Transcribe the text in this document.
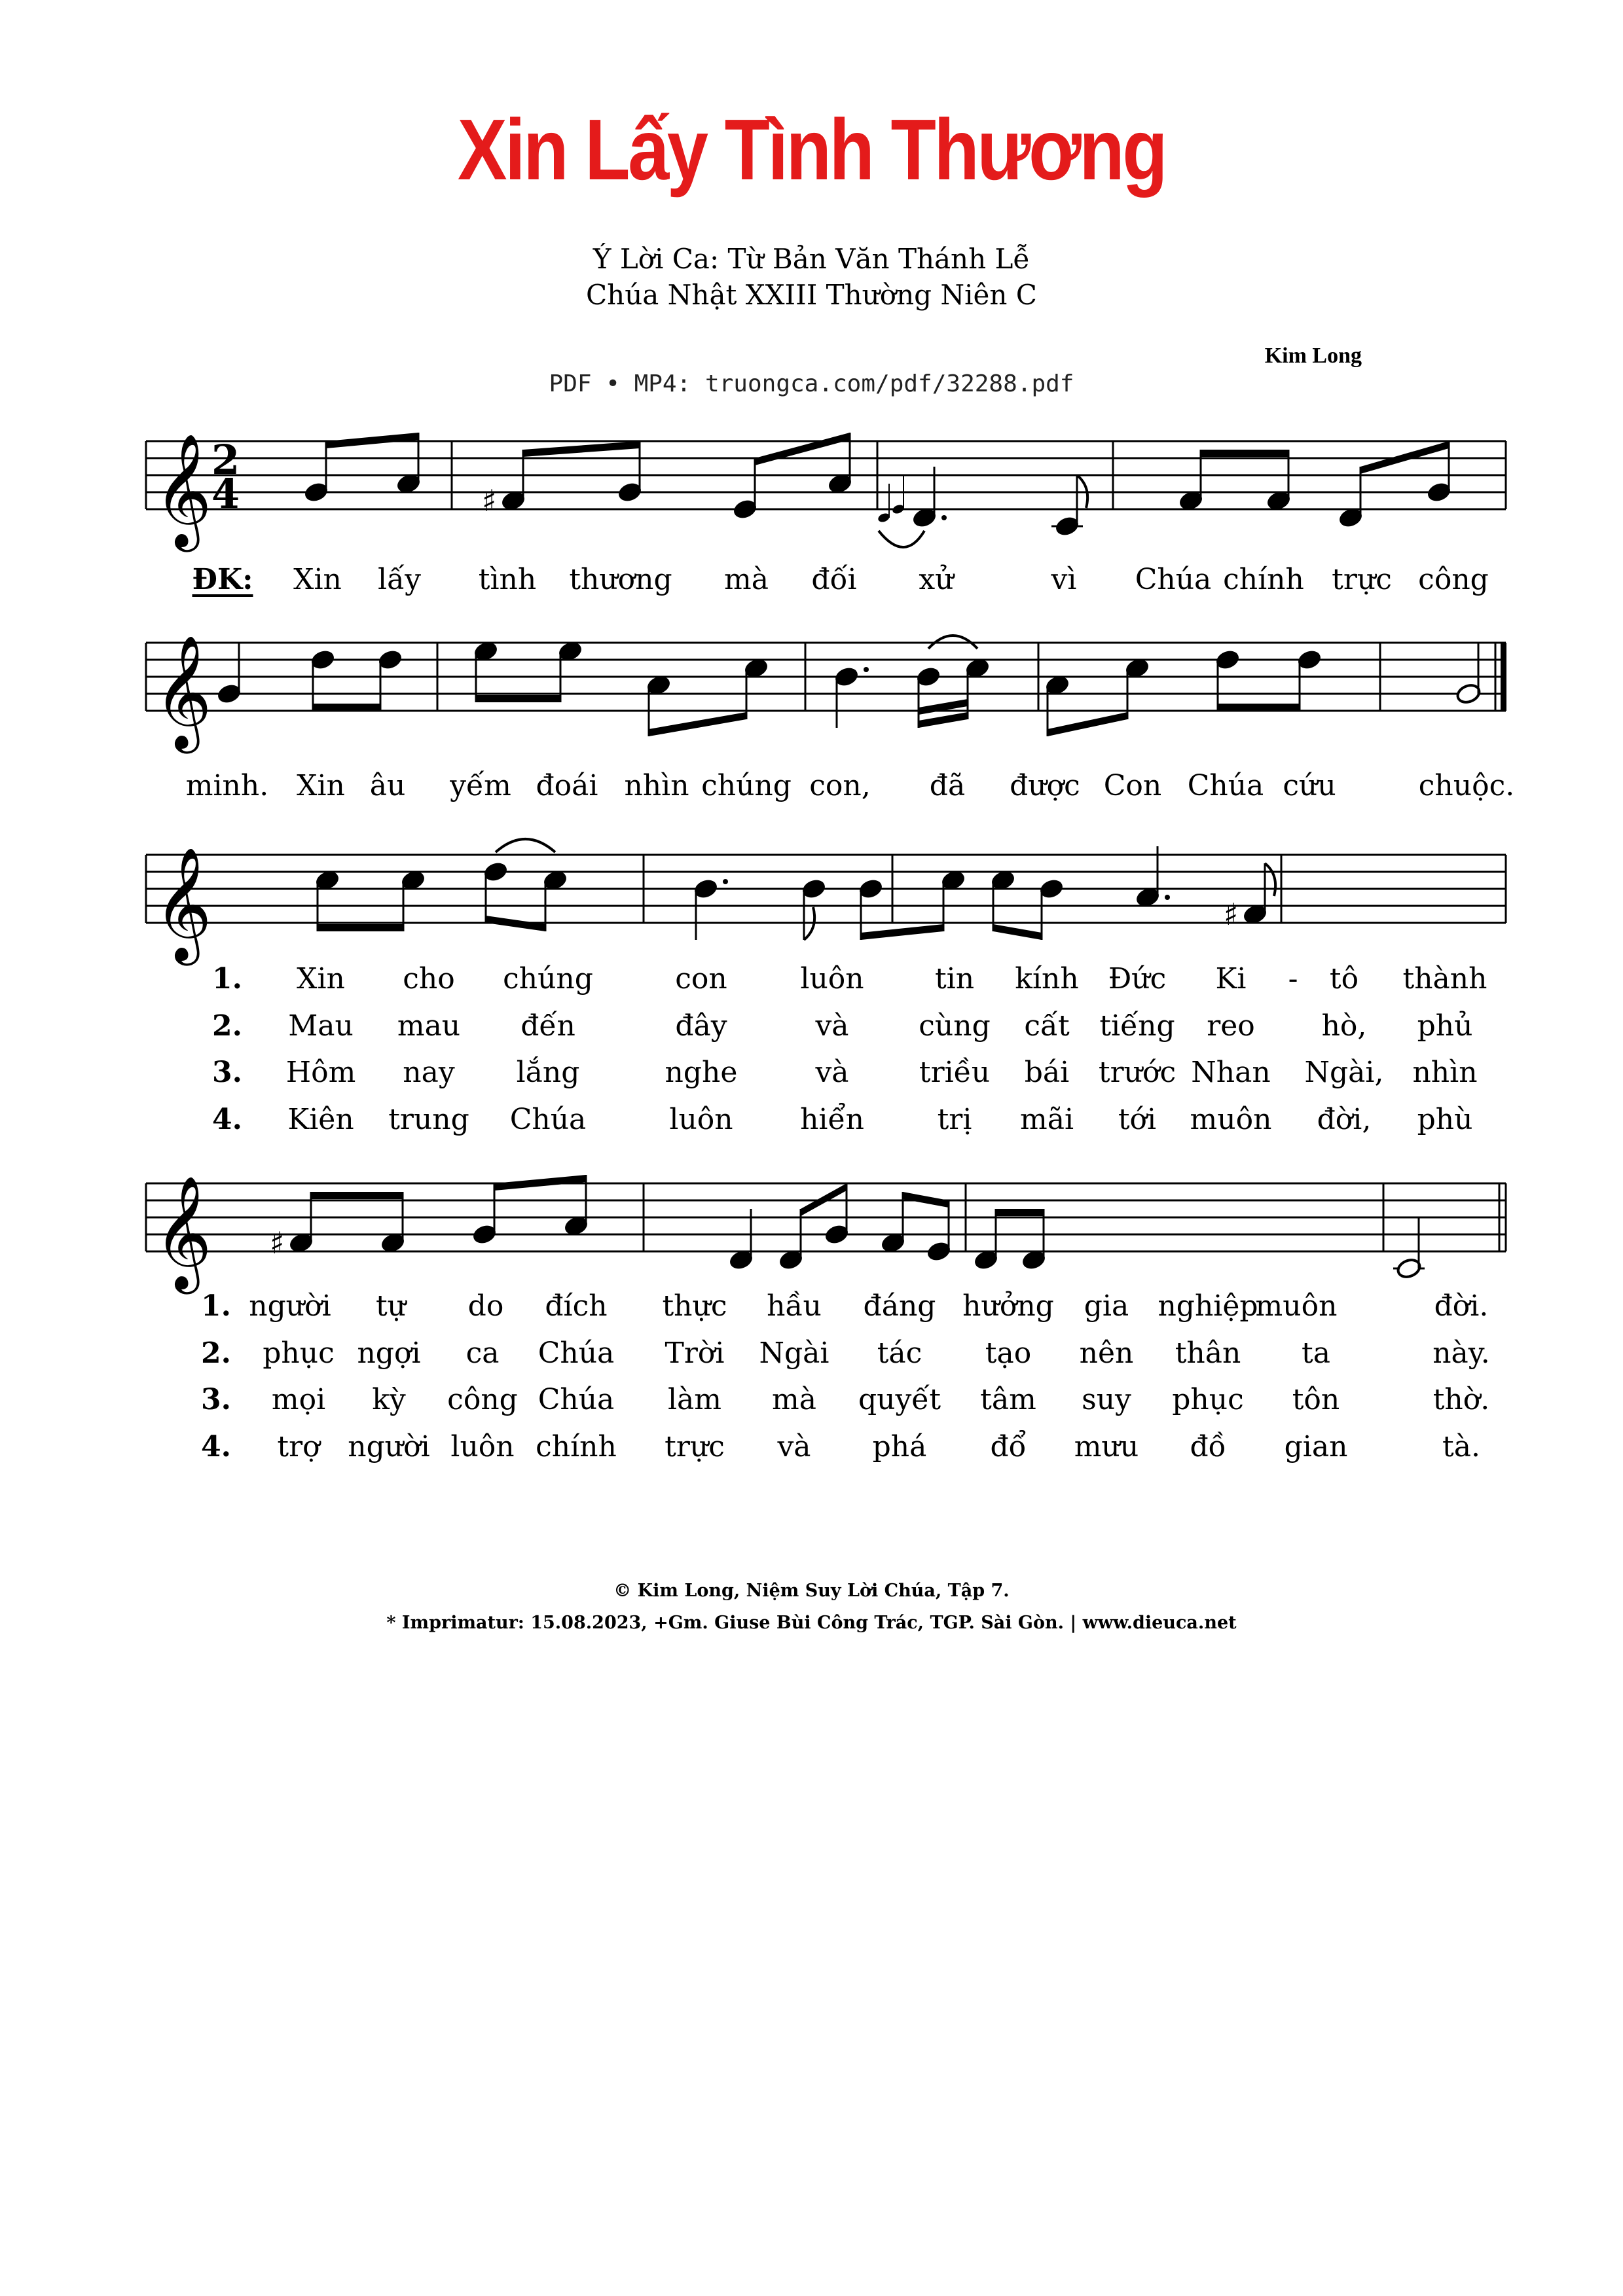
Xin Lấy Tình Thương
Ý Lời Ca: Từ Bản Văn Thánh Lễ
Chúa Nhật XXIII Thường Niên C
Kim Long
PDF • MP4: truongca.com/pdf/32288.pdf
𝄞 2
4	♯
ĐK: Xin lấy tình thương mà đối xử	vì Chúa chính trực công
𝄞
minh. Xin âu yếm đoái nhìn chúng con, đã được Con Chúa cứu	chuộc.
𝄞	♯
1. Xin cho chúng	con	luôn tin kính Đức Ki - tô thành
2. Mau mau đến	đây	và cùng cất tiếng reo hò, phủ
3. Hôm nay lắng	nghe	và triều bái trước Nhan Ngài, nhìn
4. Kiên trung Chúa	luôn hiển	trị mãi tới muôn đời, phù
𝄞 ♯
1. người tự do đích thực hầu đáng hưởng gia nghiệp
muôn	đời.
2. phục ngợi ca Chúa Trời Ngài tác tạo nên thân ta	này.
3. mọi kỳ công Chúa làm mà quyết tâm suy phục tôn	thờ.
4. trợ người luôn chính trực và phá đổ mưu đồ gian	tà.
© Kim Long, Niệm Suy Lời Chúa, Tập 7.
* Imprimatur: 15.08.2023, +Gm. Giuse Bùi Công Trác, TGP. Sài Gòn. | www.dieuca.net
